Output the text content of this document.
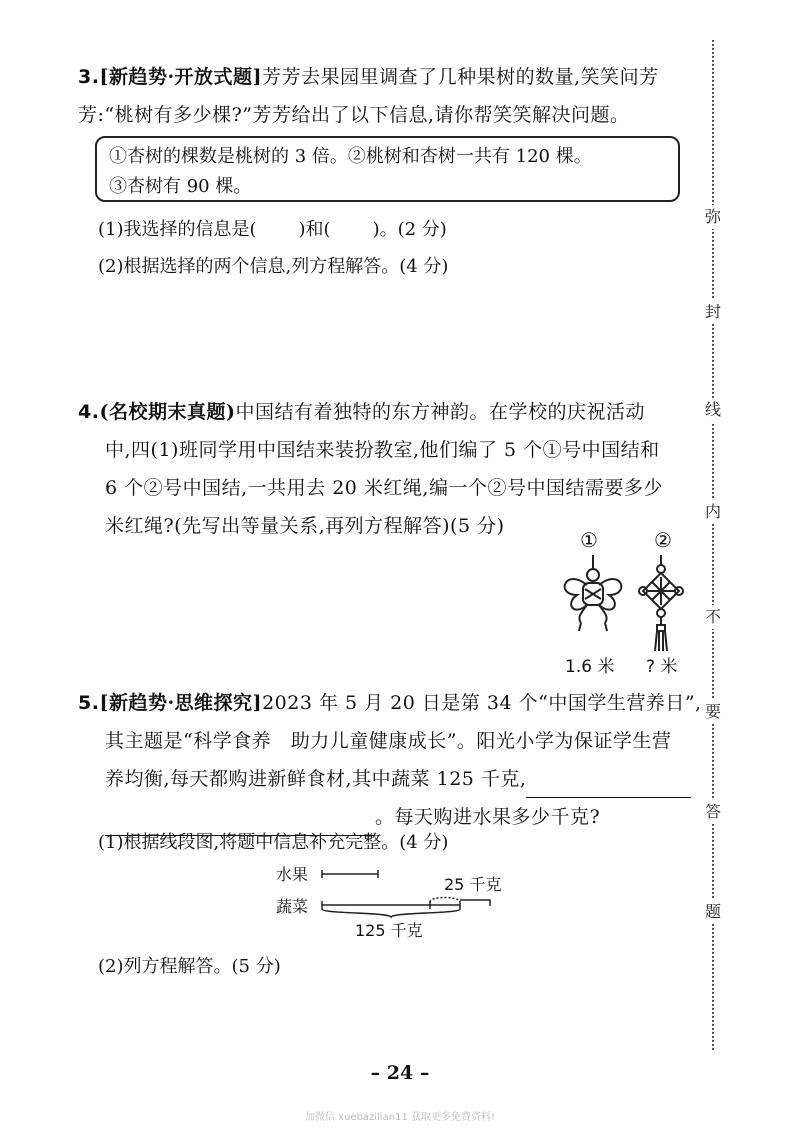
3.[新趋势·开放式题]芳芳去果园里调查了几种果树的数量,笑笑问芳
芳:“桃树有多少棵?”芳芳给出了以下信息,请你帮笑笑解决问题。
①杏树的棵数是桃树的 3 倍。②桃树和杏树一共有 120 棵。
③杏树有 90 棵。
(1)我选择的信息是( )和( )。(2 分)
(2)根据选择的两个信息,列方程解答。(4 分)
4.(名校期末真题)中国结有着独特的东方神韵。在学校的庆祝活动
中,四(1)班同学用中国结来装扮教室,他们编了 5 个①号中国结和
6 个②号中国结,一共用去 20 米红绳,编一个②号中国结需要多少
米红绳?(先写出等量关系,再列方程解答)(5 分)
①	②
1.6 米 ? 米
5.[新趋势·思维探究]2023 年 5 月 20 日是第 34 个“中国学生营养日”,
其主题是“科学食养　助力儿童健康成长”。阳光小学为保证学生营
养均衡,每天都购进新鲜食材,其中蔬菜 125 千克,
。每天购进水果多少千克?
(1)根据线段图,将题中信息补充完整。(4 分)
水果
蔬菜
25 千克
125 千克
(2)列方程解答。(5 分)
弥
封
线
内
不
要
答
题
– 24 –
加微信 xuebazilian11 获取更多免费资料!
